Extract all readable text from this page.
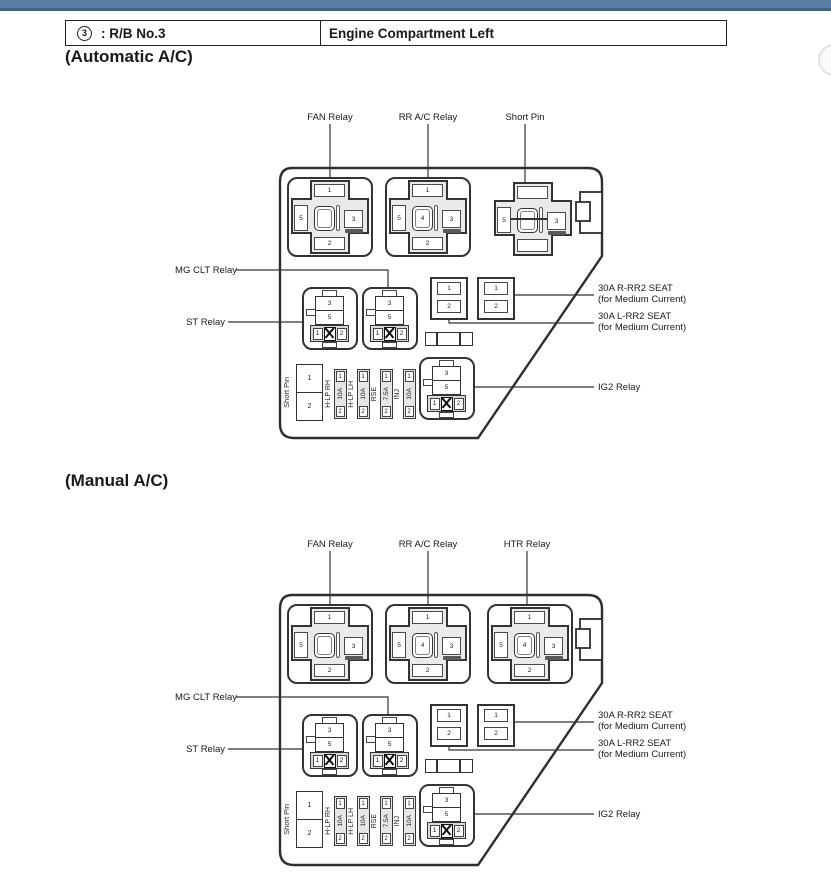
3	: R/B No.3	Engine Compartment Left
(Automatic A/C)
(Manual A/C)
FAN Relay	RR A/C Relay	Short Pin
MG CLT Relay
ST Relay
30A R-RR2 SEAT
(for Medium Current)
30A L-RR2 SEAT
(for Medium Current)
IG2 Relay
1
2
5	3
1
2
5	3
4	5	3
3
5
1	2
3
5
1	2
1
2
1
2
3
5
1	2
Short Pin	1
2	H-LP RH
1
10A
2
H-LP LH
1
10A
2
RSE
1
7.5A
2
INJ
1
10A
2
FAN Relay	RR A/C Relay	HTR Relay
MG CLT Relay
ST Relay
30A R-RR2 SEAT
(for Medium Current)
30A L-RR2 SEAT
(for Medium Current)
IG2 Relay
1
2
5	3
1
2
5	3
4
1
2
5	3
4
3
5
1	2
3
5
1	2
1
2
1
2
3
5
1	2
Short Pin	1
2	H-LP RH
1
10A
2
H-LP LH
1
10A
2
RSE
1
7.5A
2
INJ
1
10A
2
